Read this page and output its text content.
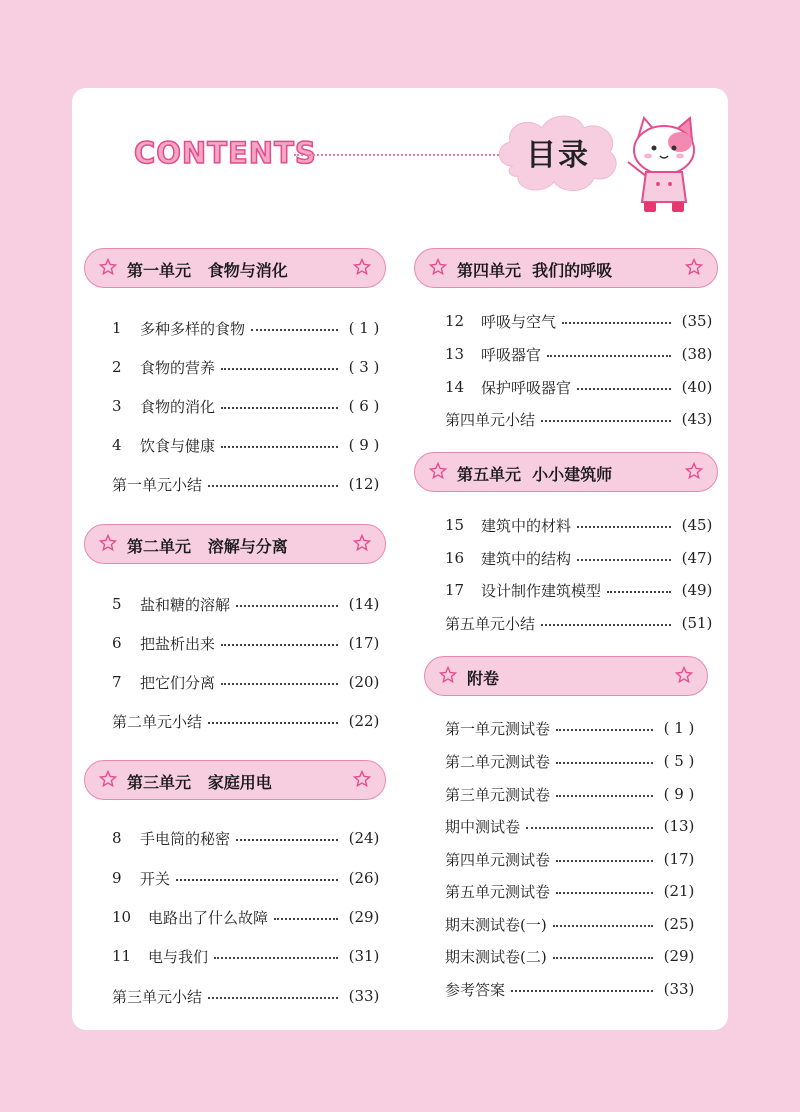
CONTENTS	目录
第一单元   食物与消化
1	多种多样的食物	( 1 )
2	食物的营养	( 3 )
3	食物的消化	( 6 )
4	饮食与健康	( 9 )
第一单元小结	(12)
第二单元   溶解与分离
5	盐和糖的溶解	(14)
6	把盐析出来	(17)
7	把它们分离	(20)
第二单元小结	(22)
第三单元   家庭用电
8	手电筒的秘密	(24)
9	开关	(26)
10	电路出了什么故障	(29)
11	电与我们	(31)
第三单元小结	(33)
第四单元  我们的呼吸
12	呼吸与空气	(35)
13	呼吸器官	(38)
14	保护呼吸器官	(40)
第四单元小结	(43)
第五单元  小小建筑师
15	建筑中的材料	(45)
16	建筑中的结构	(47)
17	设计制作建筑模型	(49)
第五单元小结	(51)
附卷
第一单元测试卷	( 1 )
第二单元测试卷	( 5 )
第三单元测试卷	( 9 )
期中测试卷	(13)
第四单元测试卷	(17)
第五单元测试卷	(21)
期末测试卷(一)	(25)
期末测试卷(二)	(29)
参考答案	(33)
